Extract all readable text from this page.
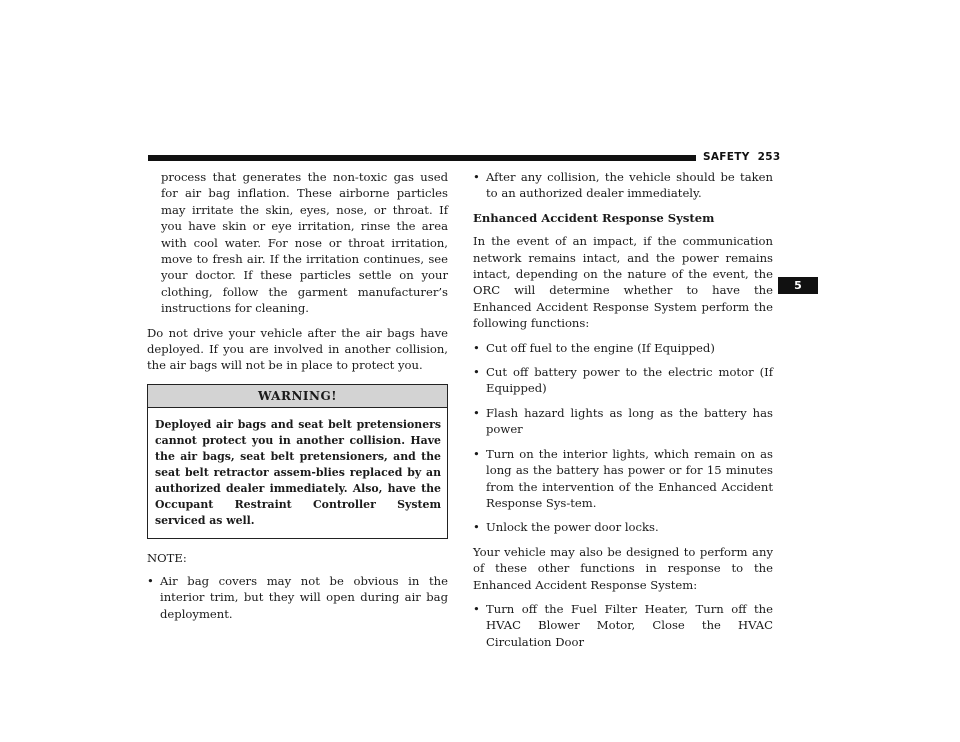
SAFETY 253
5

process that generates the non-toxic gas used for air bag inflation. These airborne particles may irritate the skin, eyes, nose, or throat. If you have skin or eye irritation, rinse the area with cool water. For nose or throat irritation, move to fresh air. If the irritation continues, see your doctor. If these particles settle on your clothing, follow the garment manufacturer’s instructions for cleaning.

Do not drive your vehicle after the air bags have deployed. If you are involved in another collision, the air bags will not be in place to protect you.

WARNING!
Deployed air bags and seat belt pretensioners cannot protect you in another collision. Have the air bags, seat belt pretensioners, and the seat belt retractor assem-blies replaced by an authorized dealer immediately. Also, have the Occupant Restraint Controller System serviced as well.
NOTE:
• Air bag covers may not be obvious in the interior trim, but they will open during air bag deployment.
• After any collision, the vehicle should be taken to an authorized dealer immediately.
Enhanced Accident Response System

In the event of an impact, if the communication network remains intact, and the power remains intact, depending on the nature of the event, the ORC will determine whether to have the Enhanced Accident Response System perform the following functions:

• Cut off fuel to the engine (If Equipped)
• Cut off battery power to the electric motor (If Equipped)
• Flash hazard lights as long as the battery has power
• Turn on the interior lights, which remain on as long as the battery has power or for 15 minutes from the intervention of the Enhanced Accident Response Sys-tem.
• Unlock the power door locks.

Your vehicle may also be designed to perform any of these other functions in response to the Enhanced Accident Response System:

• Turn off the Fuel Filter Heater, Turn off the HVAC Blower Motor, Close the HVAC Circulation Door
